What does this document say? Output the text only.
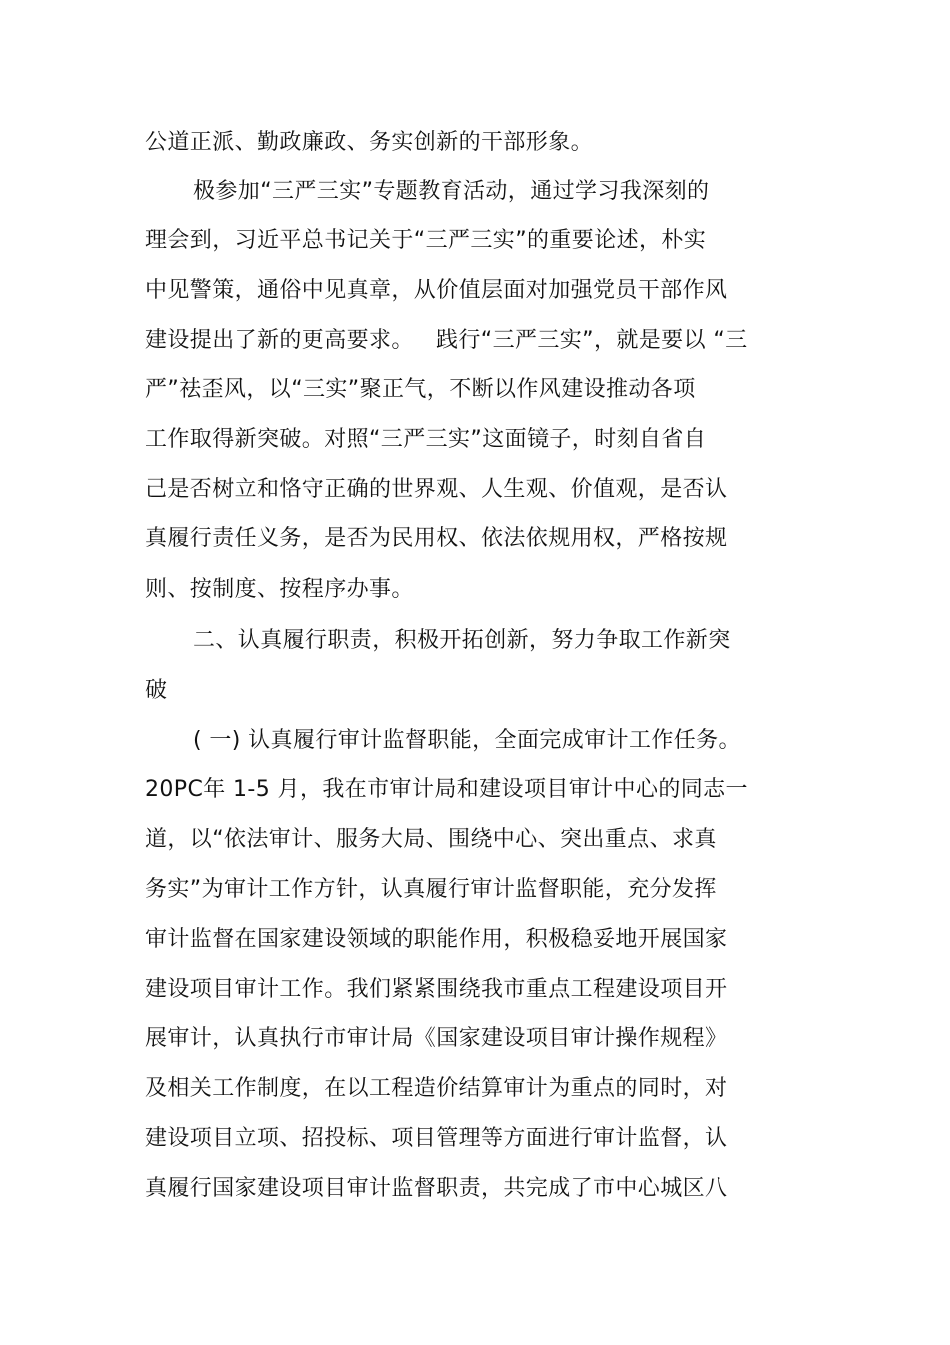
公道正派、勤政廉政、务实创新的干部形象。
极参加“三严三实”专题教育活动，通过学习我深刻的
理会到，习近平总书记关于“三严三实”的重要论述，朴实
中见警策，通俗中见真章，从价值层面对加强党员干部作风
建设提出了新的更高要求。   践行“三严三实”，就是要以 “三
严”祛歪风，以“三实”聚正气，不断以作风建设推动各项
工作取得新突破。对照“三严三实”这面镜子，时刻自省自
己是否树立和恪守正确的世界观、人生观、价值观，是否认
真履行责任义务，是否为民用权、依法依规用权，严格按规
则、按制度、按程序办事。
二、认真履行职责，积极开拓创新，努力争取工作新突
破
( 一) 认真履行审计监督职能，全面完成审计工作任务。
20PC年 1-5 月，我在市审计局和建设项目审计中心的同志一
道，以“依法审计、服务大局、围绕中心、突出重点、求真
务实”为审计工作方针，认真履行审计监督职能，充分发挥
审计监督在国家建设领域的职能作用，积极稳妥地开展国家
建设项目审计工作。我们紧紧围绕我市重点工程建设项目开
展审计，认真执行市审计局《国家建设项目审计操作规程》
及相关工作制度，在以工程造价结算审计为重点的同时，对
建设项目立项、招投标、项目管理等方面进行审计监督，认
真履行国家建设项目审计监督职责，共完成了市中心城区八
